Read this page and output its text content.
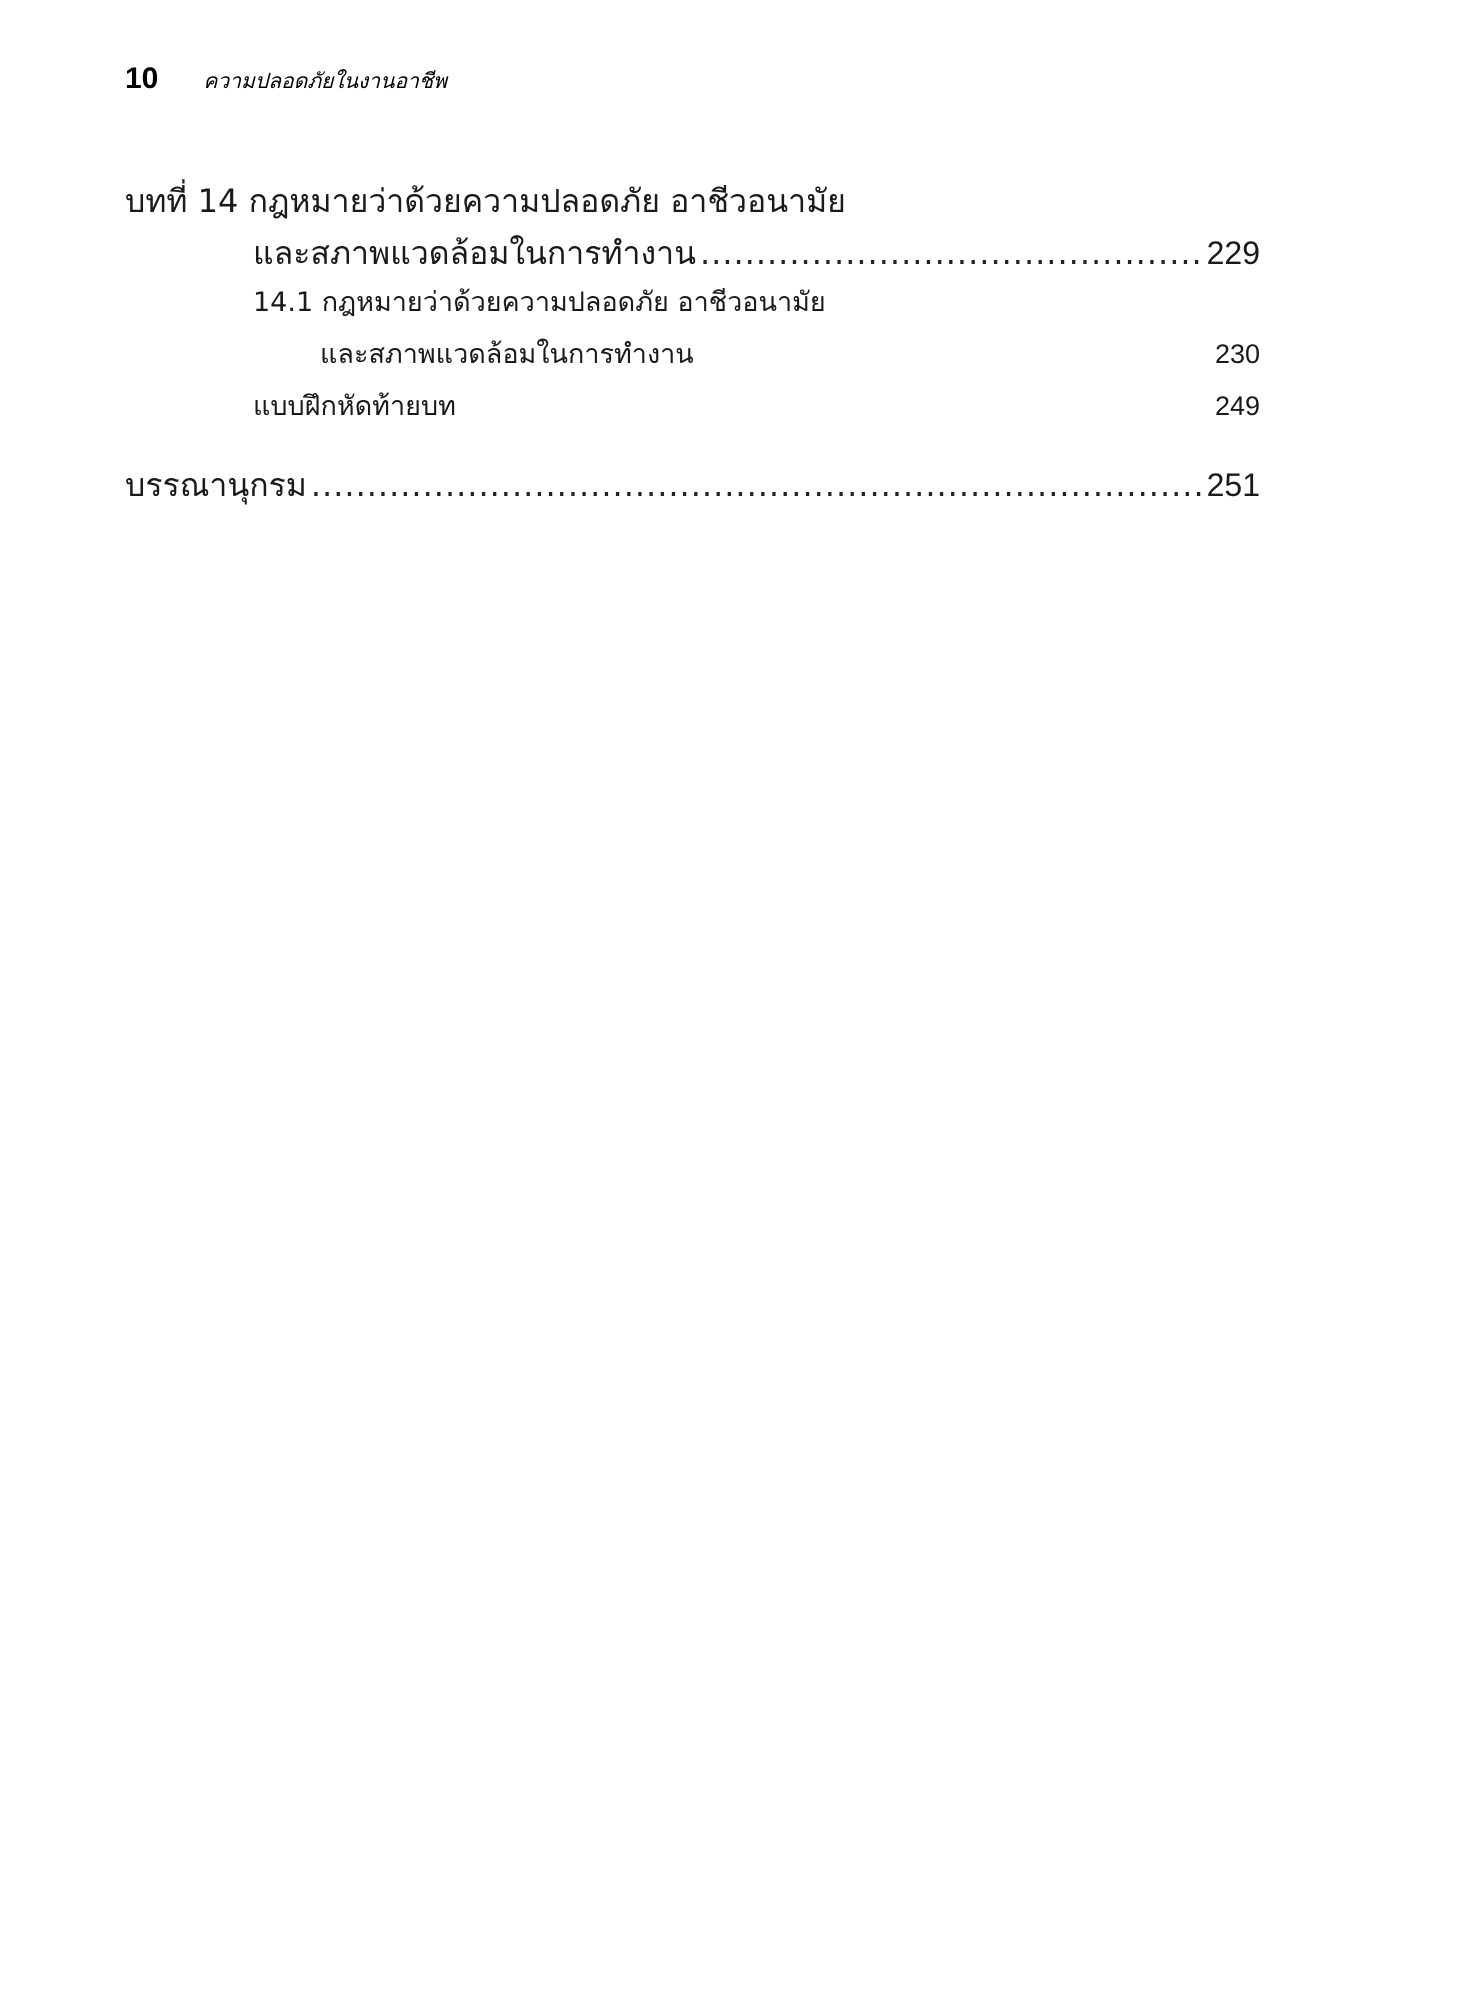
10 ความปลอดภัยในงานอาชีพ
บทที่ 14 กฎหมายว่าด้วยความปลอดภัย อาชีวอนามัย
และสภาพแวดล้อมในการทำงาน .....	229
14.1 กฎหมายว่าด้วยความปลอดภัย อาชีวอนามัย
และสภาพแวดล้อมในการทำงาน	230
แบบฝึกหัดท้ายบท	249
บรรณานุกรม .....	251
